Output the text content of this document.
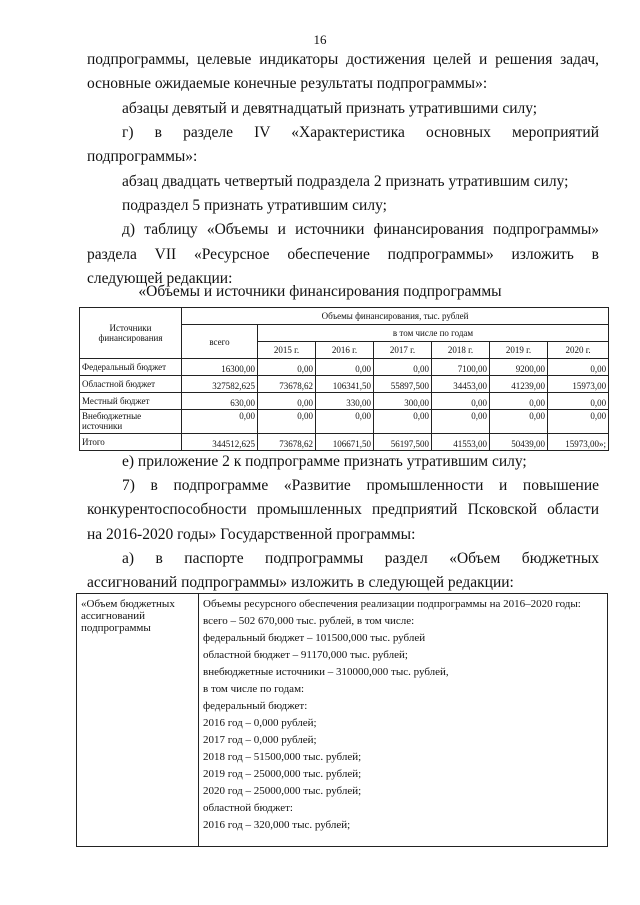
16
подпрограммы, целевые индикаторы достижения целей и решения задач,
основные ожидаемые конечные результаты подпрограммы»:
абзацы девятый и девятнадцатый признать утратившими силу;
г) в разделе IV «Характеристика основных мероприятий
подпрограммы»:
абзац двадцать четвертый подраздела 2 признать утратившим силу;
подраздел 5 признать утратившим силу;
д) таблицу «Объемы и источники финансирования подпрограммы»
раздела VII «Ресурсное обеспечение подпрограммы» изложить в
следующей редакции:
«Объемы и источники финансирования подпрограммы
Источники финансирования	Объемы финансирования, тыс. рублей						
	всего	в том числе по годам					
		2015 г.	2016 г.	2017 г.	2018 г.	2019 г.	2020 г.
Федеральный бюджет	16300,00	0,00	0,00	0,00	7100,00	9200,00	0,00
Областной бюджет	327582,625	73678,62	106341,50	55897,500	34453,00	41239,00	15973,00
Местный бюджет	630,00	0,00	330,00	300,00	0,00	0,00	0,00
Внебюджетные источники	0,00	0,00	0,00	0,00	0,00	0,00	0,00
Итого	344512,625	73678,62	106671,50	56197,500	41553,00	50439,00	15973,00»;
е) приложение 2 к подпрограмме признать утратившим силу;
7) в подпрограмме «Развитие промышленности и повышение
конкурентоспособности промышленных предприятий Псковской области
на 2016-2020 годы» Государственной программы:
а) в паспорте подпрограммы раздел «Объем бюджетных
ассигнований подпрограммы» изложить в следующей редакции:
«Объем бюджетных ассигнований подпрограммы
Объемы ресурсного обеспечения реализации подпрограммы на 2016–2020 годы:
всего – 502 670,000 тыс. рублей, в том числе:
федеральный бюджет – 101500,000 тыс. рублей
областной бюджет – 91170,000 тыс. рублей;
внебюджетные источники – 310000,000 тыс. рублей,
в том числе по годам:
федеральный бюджет:
2016 год – 0,000 рублей;
2017 год – 0,000 рублей;
2018 год – 51500,000 тыс. рублей;
2019 год – 25000,000 тыс. рублей;
2020 год – 25000,000 тыс. рублей;
областной бюджет:
2016 год – 320,000 тыс. рублей;
